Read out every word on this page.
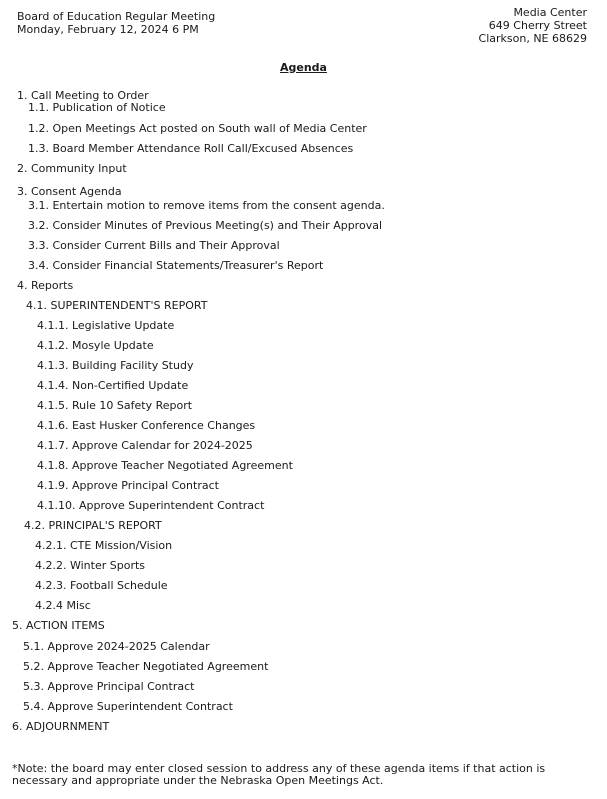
Board of Education Regular Meeting
Monday, February 12, 2024 6 PM
Media Center
649 Cherry Street
Clarkson, NE 68629
Agenda
1. Call Meeting to Order
1.1. Publication of Notice
1.2. Open Meetings Act posted on South wall of Media Center
1.3. Board Member Attendance Roll Call/Excused Absences
2. Community Input
3. Consent Agenda
3.1. Entertain motion to remove items from the consent agenda.
3.2. Consider Minutes of Previous Meeting(s) and Their Approval
3.3. Consider Current Bills and Their Approval
3.4. Consider Financial Statements/Treasurer's Report
4. Reports
4.1. SUPERINTENDENT'S REPORT
4.1.1. Legislative Update
4.1.2. Mosyle Update
4.1.3. Building Facility Study
4.1.4. Non-Certified Update
4.1.5. Rule 10 Safety Report
4.1.6. East Husker Conference Changes
4.1.7. Approve Calendar for 2024-2025
4.1.8. Approve Teacher Negotiated Agreement
4.1.9. Approve Principal Contract
4.1.10. Approve Superintendent Contract
4.2. PRINCIPAL'S REPORT
4.2.1. CTE Mission/Vision
4.2.2. Winter Sports
4.2.3. Football Schedule
4.2.4 Misc
5. ACTION ITEMS
5.1. Approve 2024-2025 Calendar
5.2. Approve Teacher Negotiated Agreement
5.3. Approve Principal Contract
5.4. Approve Superintendent Contract
6. ADJOURNMENT
*Note: the board may enter closed session to address any of these agenda items if that action is necessary and appropriate under the Nebraska Open Meetings Act.
